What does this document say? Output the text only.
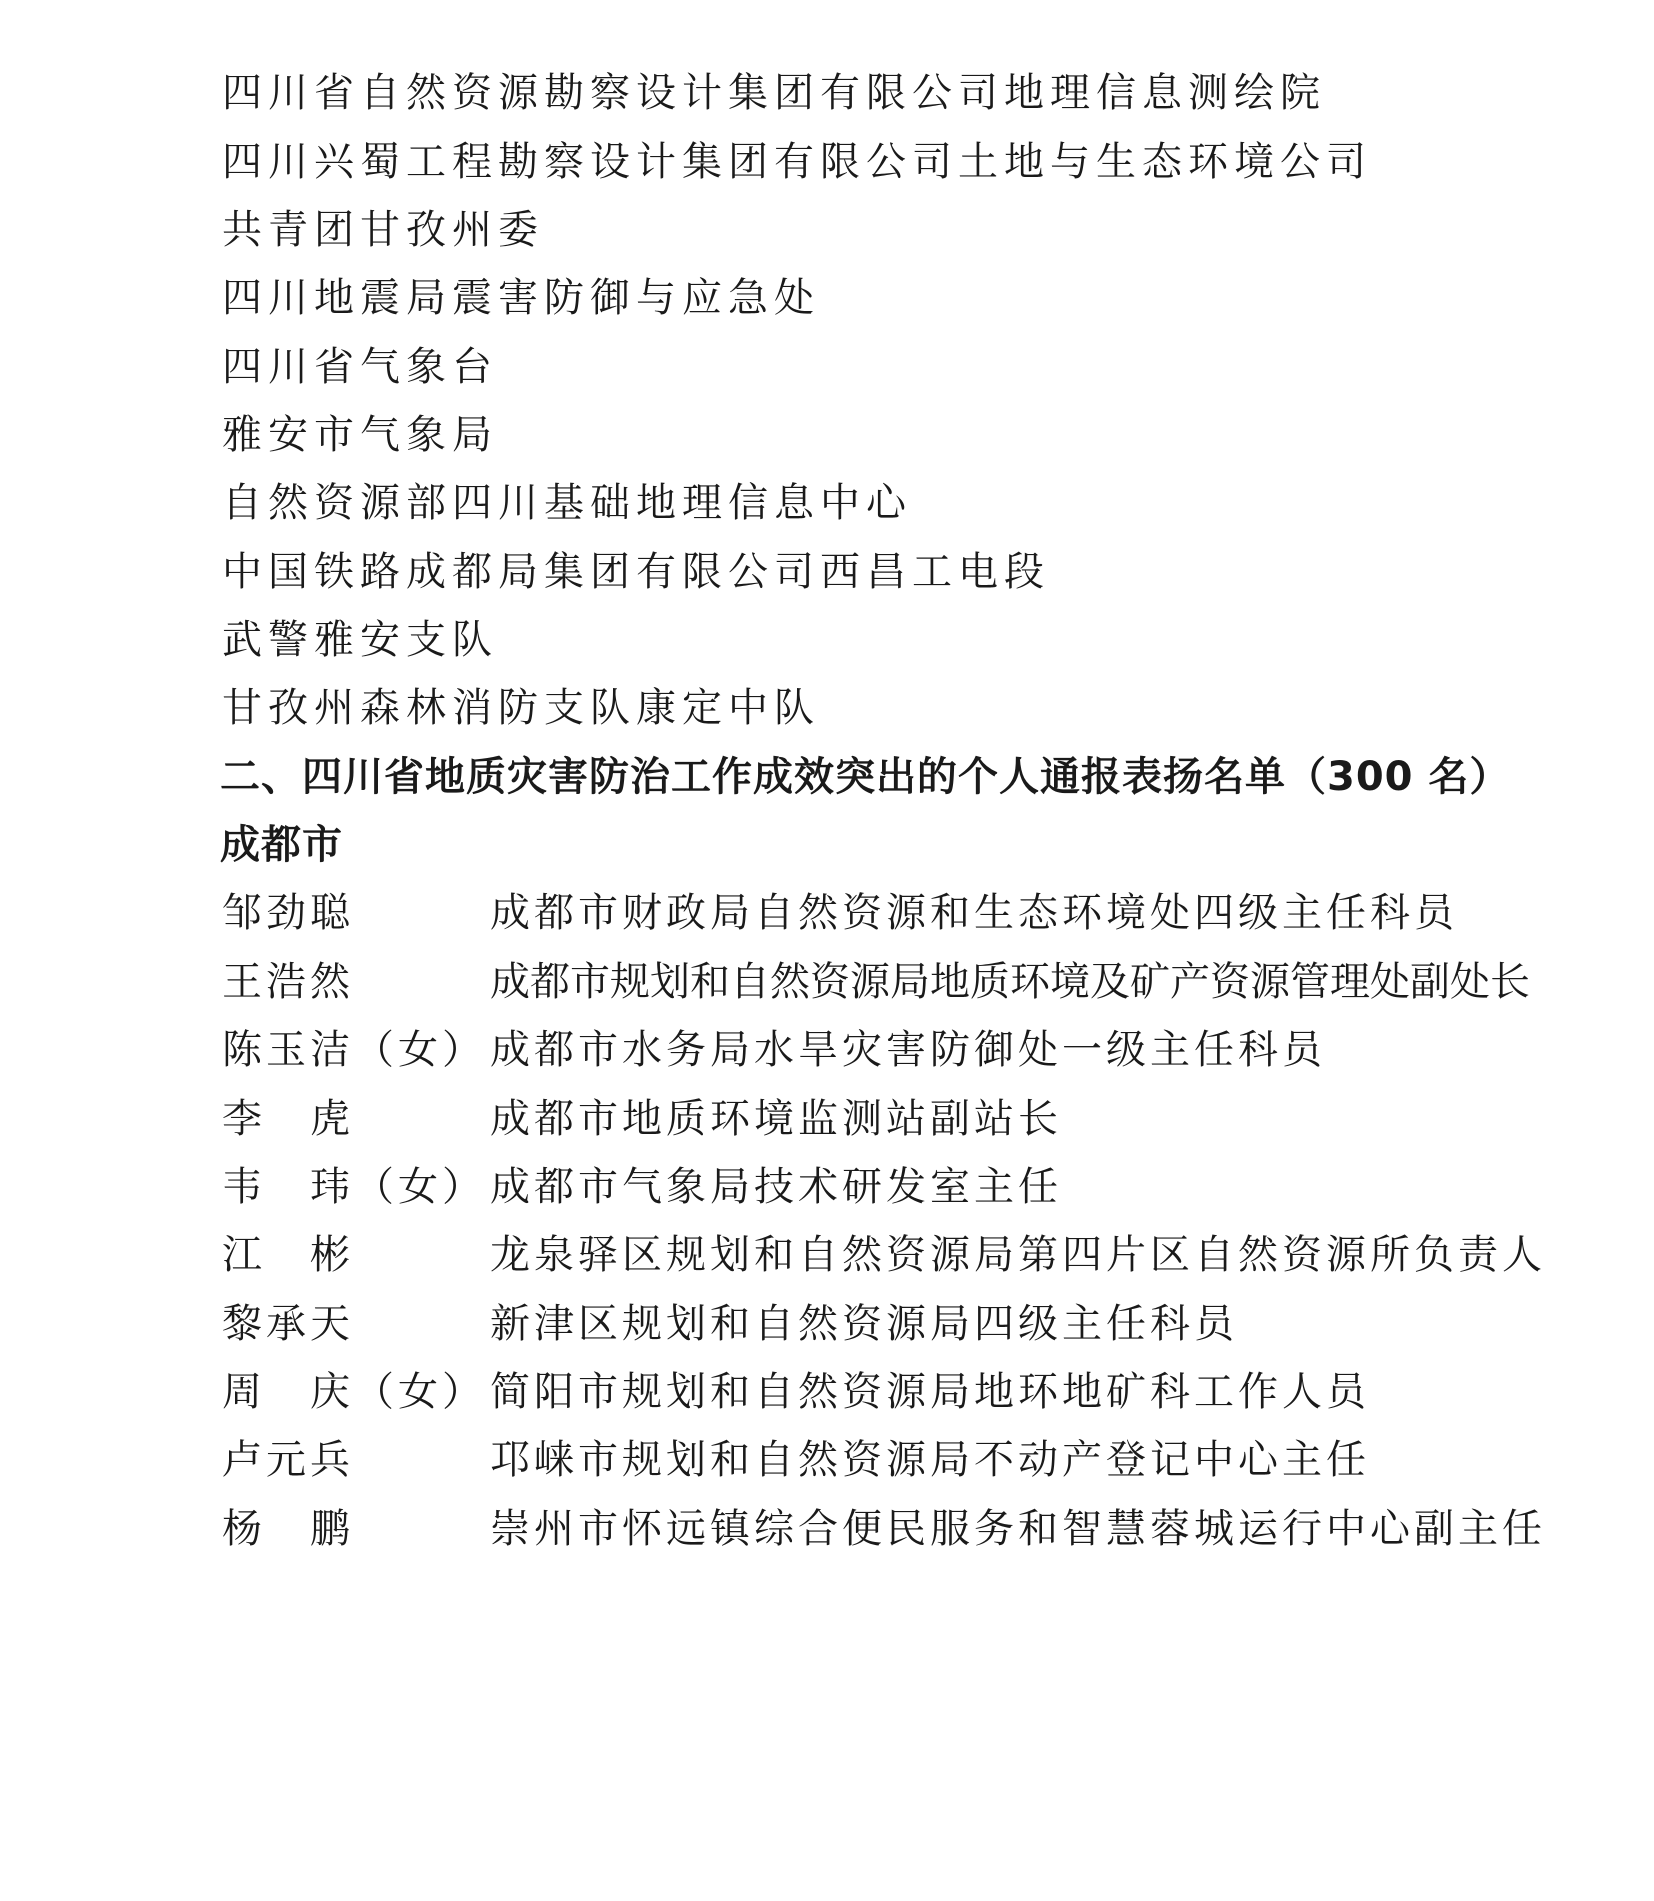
四川省自然资源勘察设计集团有限公司地理信息测绘院
四川兴蜀工程勘察设计集团有限公司土地与生态环境公司
共青团甘孜州委
四川地震局震害防御与应急处
四川省气象台
雅安市气象局
自然资源部四川基础地理信息中心
中国铁路成都局集团有限公司西昌工电段
武警雅安支队
甘孜州森林消防支队康定中队
二、四川省地质灾害防治工作成效突出的个人通报表扬名单（300 名）
成都市
邹劲聪	成都市财政局自然资源和生态环境处四级主任科员
王浩然	成都市规划和自然资源局地质环境及矿产资源管理处副处长
陈玉洁（女） 成都市水务局水旱灾害防御处一级主任科员
李　虎	成都市地质环境监测站副站长
韦　玮（女） 成都市气象局技术研发室主任
江　彬	龙泉驿区规划和自然资源局第四片区自然资源所负责人
黎承天	新津区规划和自然资源局四级主任科员
周　庆（女） 简阳市规划和自然资源局地环地矿科工作人员
卢元兵	邛崃市规划和自然资源局不动产登记中心主任
杨　鹏	崇州市怀远镇综合便民服务和智慧蓉城运行中心副主任
